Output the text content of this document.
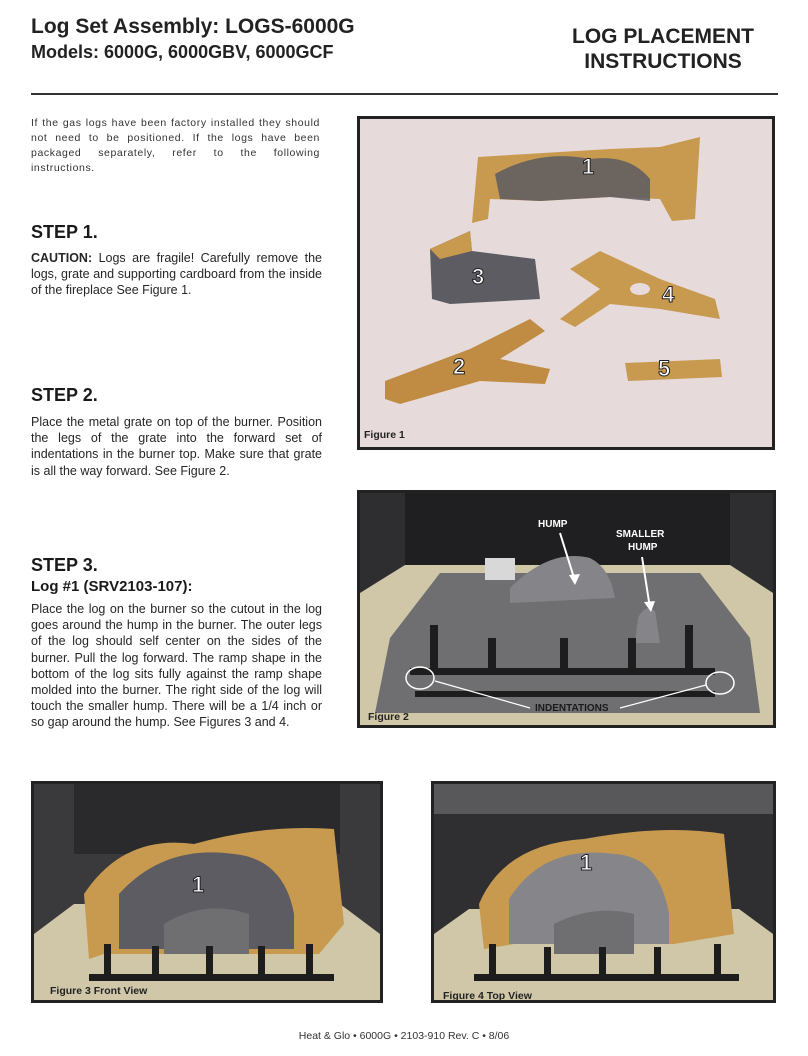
Log Set Assembly: LOGS-6000G
Models: 6000G, 6000GBV, 6000GCF
LOG PLACEMENT
INSTRUCTIONS

If the gas logs have been factory installed they should not need to be positioned. If the logs have been packaged separately, refer to the following instructions.

STEP 1.

CAUTION: Logs are fragile! Carefully remove the logs, grate and supporting cardboard from the inside of the fireplace See Figure 1.

STEP 2.

Place the metal grate on top of the burner. Position the legs of the grate into the forward set of indentations in the burner top. Make sure that grate is all the way forward. See Figure 2.

STEP 3.
Log #1 (SRV2103-107):

Place the log on the burner so the cutout in the log goes around the hump in the burner. The outer legs of the log should self center on the sides of the burner. Pull the log forward. The ramp shape in the bottom of the log sits fully against the ramp shape molded into the burner. The right side of the log will touch the smaller hump. There will be a 1/4 inch or so gap around the hump. See Figures 3 and 4.

1
3
4
2	5
Figure 1
HUMP
SMALLER
HUMP
INDENTATIONS
Figure 2
1
Figure 3 Front View
1
Figure 4 Top View
Heat & Glo • 6000G • 2103-910 Rev. C • 8/06
